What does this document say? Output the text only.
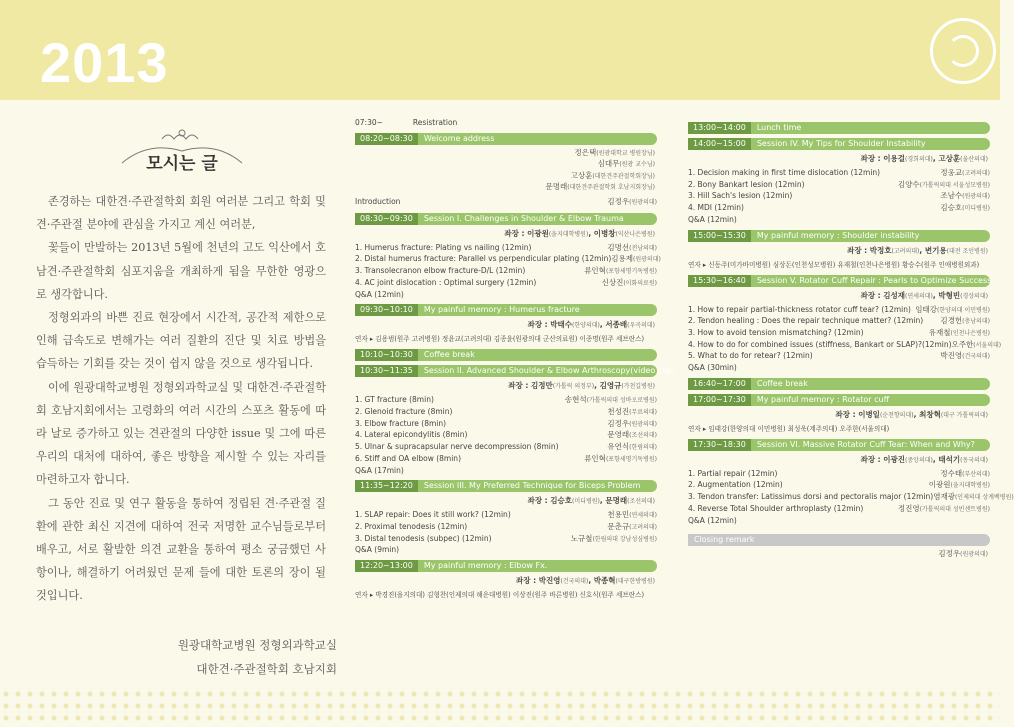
2013
모시는 글

존경하는 대한견·주관절학회 회원 여러분 그리고 학회 및 견·주관절 분야에 관심을 가지고 계신 여러분,

꽃들이 만발하는 2013년 5월에 천년의 고도 익산에서 호남견·주관절학회 심포지움을 개최하게 됨을 무한한 영광으로 생각합니다.

정형외과의 바쁜 진료 현장에서 시간적, 공간적 제한으로 인해 급속도로 변해가는 여러 질환의 진단 및 치료 방법을 습득하는 기회를 갖는 것이 쉽지 않을 것으로 생각됩니다.

이에 원광대학교병원 정형외과학교실 및 대한견·주관절학회 호남지회에서는 고령화의 여러 시간의 스포츠 활동에 따라 날로 증가하고 있는 견관절의 다양한 issue 및 그에 따른 우리의 대처에 대하여, 좋은 방향을 제시할 수 있는 자리를 마련하고자 합니다.

그 동안 진료 및 연구 활동을 통하여 정립된 견·주관절 질환에 관한 최신 지견에 대하여 전국 저명한 교수님들로부터 배우고, 서로 활발한 의견 교환을 통하여 평소 궁금했던 사항이나, 해결하기 어려웠던 문제 들에 대한 토론의 장이 될 것입니다.

원광대학교병원 정형외과학교실
대한견·주관절학회 호남지회
07:30~	Resistration
08:20~08:30 Welcome address
정은택(원광대학교 병원장님)
심대무(원광 교수님)
고상훈(대한견주관절학회장님)
문명래(대한견주관절학회 호남지회장님)
Introduction	김정우(원광의대)
08:30~09:30 Session I. Challenges in Shoulder & Elbow Trauma
좌장 : 이광원(을지대학병원), 이병창(익산나은병원)
1. Humerus fracture: Plating vs nailing (12min)	김명선(전남의대)
2. Distal humerus fracture: Parallel vs perpendicular plating (12min) 김용제(원광의대)
3. Transolecranon elbow fracture-D/L (12min)	류인혁(포항세명기독병원)
4. AC joint dislocation : Optimal surgery (12min)	신상진(이화의료원)
Q&A (12min)
09:30~10:10 My painful memory : Humerus fracture
좌장 : 박태수(한양의대), 서종배(우곡의대)
연자 ▸ 김용범(원주 고려병원) 정윤교(고려의대) 김종윤(원광의대 군산의료원) 이종명(원주 세브란스)
10:10~10:30 Coffee break
10:30~11:35 Session II. Advanced Shoulder & Elbow Arthroscopy(video clip)
좌장 : 김정만(가톨릭 의정부), 김영규(가천길병원)
1. GT fracture (8min)	송현석(가톨릭의대 성바오로병원)
2. Glenoid fracture (8min)	천성진(무료의대)
3. Elbow fracture (8min)	김정우(원광의대)
4. Lateral epicondylitis (8min)	문영래(조선의대)
5. Ulnar & supracapsular nerve decompression (8min)	유연식(한림의대)
6. Stiff and OA elbow (8min)	류인혁(포항세명기독병원)
Q&A (17min)
11:35~12:20 Session III. My Preferred Technique for Biceps Problem
좌장 : 김승호(미디병원), 문명래(조선의대)
1. SLAP repair: Does it still work? (12min)	천용민(연세의대)
2. Proximal tenodesis (12min)	문춘규(고려의대)
3. Distal tenodesis (subpec) (12min)	노규철(한림의대 강남성심병원)
Q&A (9min)
12:20~13:00 My painful memory : Elbow Fx.
좌장 : 박진영(건국의대), 박종혁(대구한방병원)
연자 ▸ 박경진(을지의대) 김형찬(인제의대 해운대병원) 이상진(원주 바른병원) 신호식(원주 세브란스)
13:00~14:00 Lunch time
14:00~15:00 Session IV. My Tips for Shoulder Instability
좌장 : 이용걸(경희의대), 고상훈(울산의대)
1. Decision making in first time dislocation (12min)	정웅교(고려의대)
2. Bony Bankart lesion (12min)	김양수(가톨릭의대 서울성모병원)
3. Hill Sach's lesion (12min)	조남수(원광의대)
4. MDI (12min)	김승호(미디병원)
Q&A (12min)
15:00~15:30 My painful memory : Shoulder instability
좌장 : 박정호(고려의대), 변기용(대전 조인병원)
연자 ▸ 신동주(미가바미병원) 심상돈(인천성모병원) 유재철(인천나은병원) 황승수(원주 인애병원외과)
15:30~16:40 Session V. Rotator Cuff Repair : Pearls to Optimize Success
좌장 : 김성재(연세의대), 박형빈(경상의대)
1. How to repair partial-thickness rotator cuff tear? (12min) 임태강(한양의대 이민병원)
2. Tendon healing : Does the repair technique matter? (12min) 김경헌(충남의대)
3. How to avoid tension mismatching? (12min)	유재철(인천나은병원)
4. How to do for combined issues (stiffness, Bankart or SLAP)?(12min) 오주한(서울의대)
5. What to do for retear? (12min)	박진영(건국의대)
Q&A (30min)
16:40~17:00 Coffee break
17:00~17:30 My painful memory : Rotator cuff
좌장 : 이병일(순천향의대), 최창혁(대구 가톨릭의대)
연자 ▸ 임태강(한양의대 이민병원) 최성욱(계주의대) 오주한(서울의대)
17:30~18:30 Session VI. Massive Rotator Cuff Tear: When and Why?
좌장 : 이광진(중앙의대), 태석기(동국의대)
1. Partial repair (12min)	정수태(부산의대)
2. Augmentation (12min)	이광원(을지대학병원)
3. Tendon transfer: Latissimus dorsi and pectoralis major (12min) 염재광(인제의대 상계백병원)
4. Reverse Total Shoulder arthroplasty (12min)	정진영(가톨릭의대 성빈센트병원)
Q&A (12min)
Closing remark
김정우(원광의대)
